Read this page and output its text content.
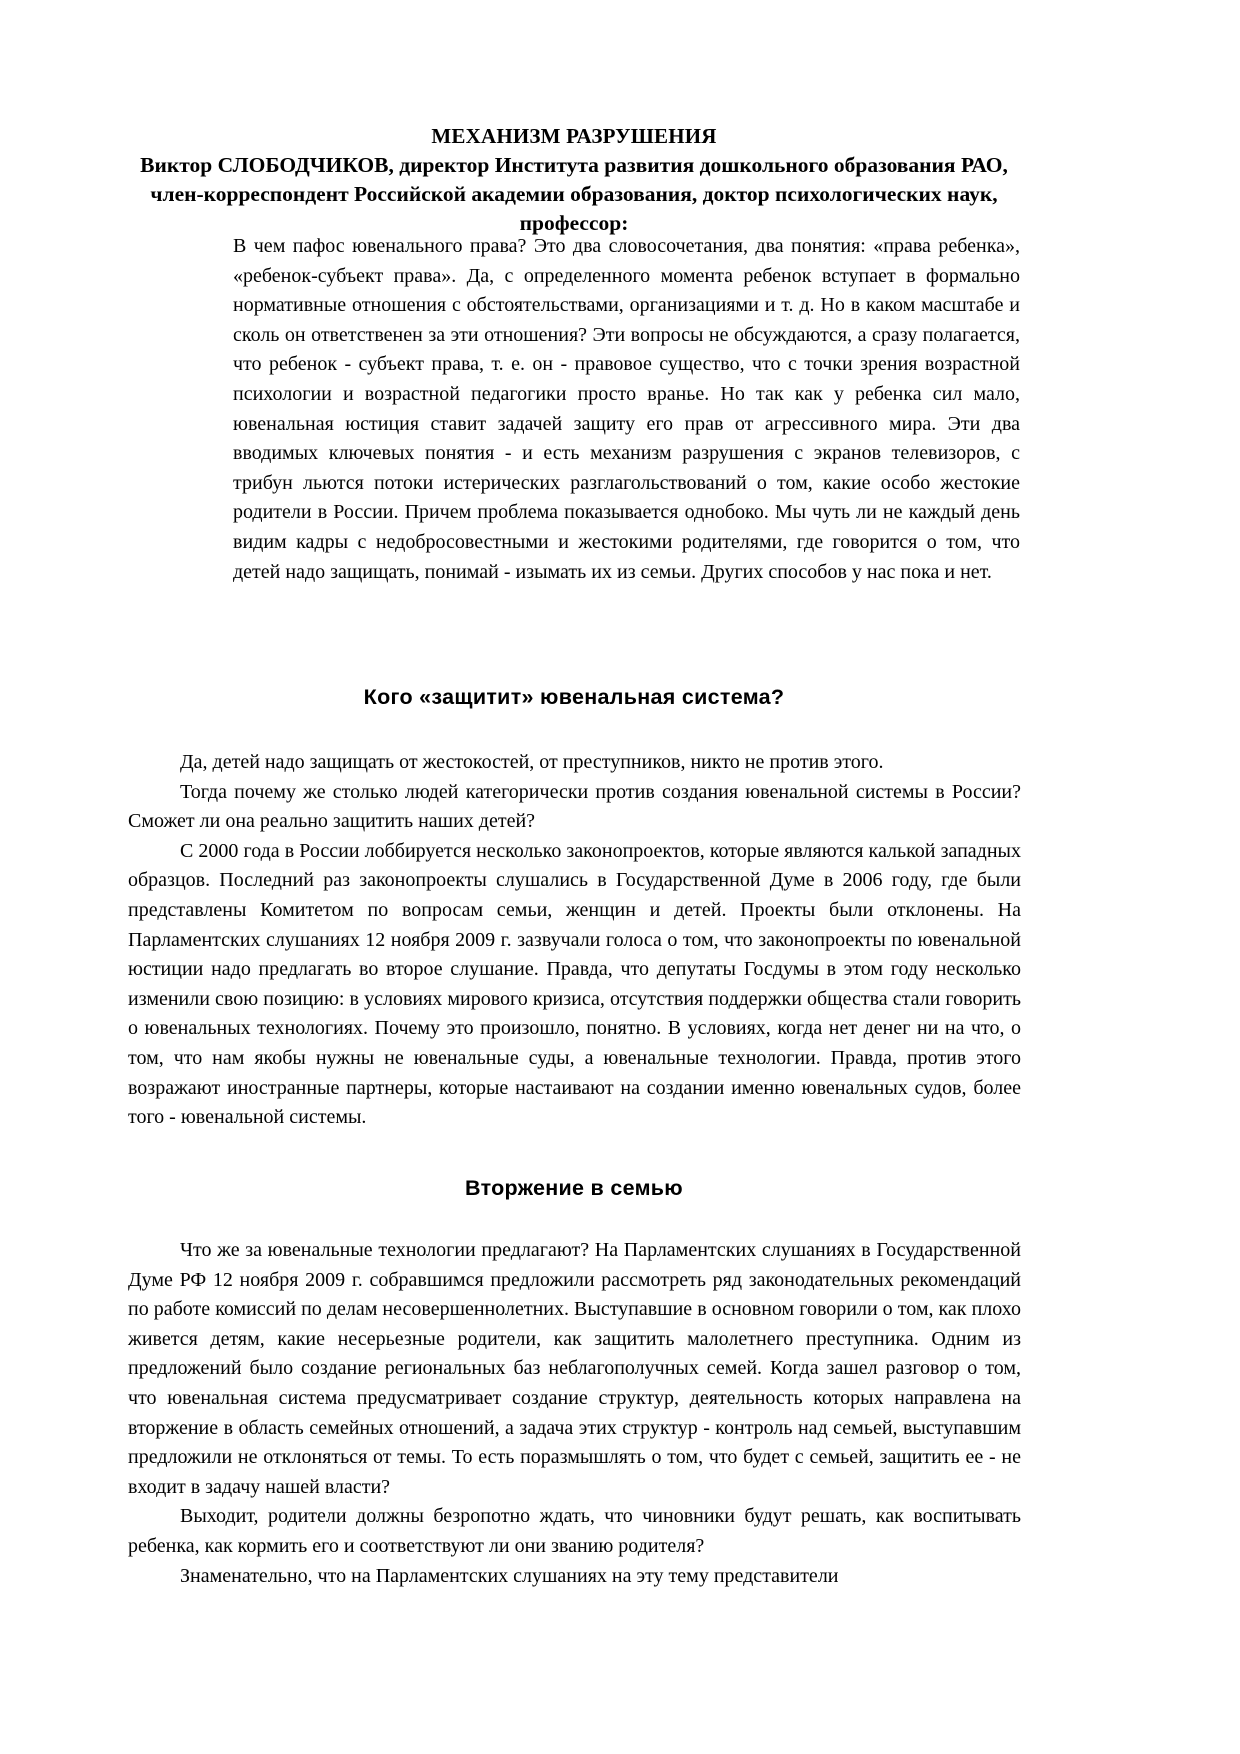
МЕХАНИЗМ РАЗРУШЕНИЯ

Виктор СЛОБОДЧИКОВ, директор Института развития дошкольного образования РАО, член-корреспондент Российской академии образования, доктор психологических наук, профессор:

В чем пафос ювенального права? Это два словосочетания, два понятия: «права ребенка», «ребенок-субъект права». Да, с определенного момента ребенок вступает в формально нормативные отношения с обстоятельствами, организациями и т. д. Но в каком масштабе и сколь он ответственен за эти отношения? Эти вопросы не обсуждаются, а сразу полагается, что ребенок - субъект права, т. е. он - правовое существо, что с точки зрения возрастной психологии и возрастной педагогики просто вранье. Но так как у ребенка сил мало, ювенальная юстиция ставит задачей защиту его прав от агрессивного мира. Эти два вводимых ключевых понятия - и есть механизм разрушения с экранов телевизоров, с трибун льются потоки истерических разглагольствований о том, какие особо жестокие родители в России. Причем проблема показывается однобоко. Мы чуть ли не каждый день видим кадры с недобросовестными и жестокими родителями, где говорится о том, что детей надо защищать, понимай - изымать их из семьи. Других способов у нас пока и нет.

Кого «защитит» ювенальная система?

Да, детей надо защищать от жестокостей, от преступников, никто не против этого.

Тогда почему же столько людей категорически против создания ювенальной системы в России? Сможет ли она реально защитить наших детей?

С 2000 года в России лоббируется несколько законопроектов, которые являются калькой западных образцов. Последний раз законопроекты слушались в Государственной Думе в 2006 году, где были представлены Комитетом по вопросам семьи, женщин и детей. Проекты были отклонены. На Парламентских слушаниях 12 ноября 2009 г. зазвучали голоса о том, что законопроекты по ювенальной юстиции надо предлагать во второе слушание. Правда, что депутаты Госдумы в этом году несколько изменили свою позицию: в условиях мирового кризиса, отсутствия поддержки общества стали говорить о ювенальных технологиях. Почему это произошло, понятно. В условиях, когда нет денег ни на что, о том, что нам якобы нужны не ювенальные суды, а ювенальные технологии. Правда, против этого возражают иностранные партнеры, которые настаивают на создании именно ювенальных судов, более того - ювенальной системы.

Вторжение в семью

Что же за ювенальные технологии предлагают? На Парламентских слушаниях в Государственной Думе РФ 12 ноября 2009 г. собравшимся предложили рассмотреть ряд законодательных рекомендаций по работе комиссий по делам несовершеннолетних. Выступавшие в основном говорили о том, как плохо живется детям, какие несерьезные родители, как защитить малолетнего преступника. Одним из предложений было создание региональных баз неблагополучных семей. Когда зашел разговор о том, что ювенальная система предусматривает создание структур, деятельность которых направлена на вторжение в область семейных отношений, а задача этих структур - контроль над семьей, выступавшим предложили не отклоняться от темы. То есть поразмышлять о том, что будет с семьей, защитить ее - не входит в задачу нашей власти?

Выходит, родители должны безропотно ждать, что чиновники будут решать, как воспитывать ребенка, как кормить его и соответствуют ли они званию родителя?

Знаменательно, что на Парламентских слушаниях на эту тему представители
